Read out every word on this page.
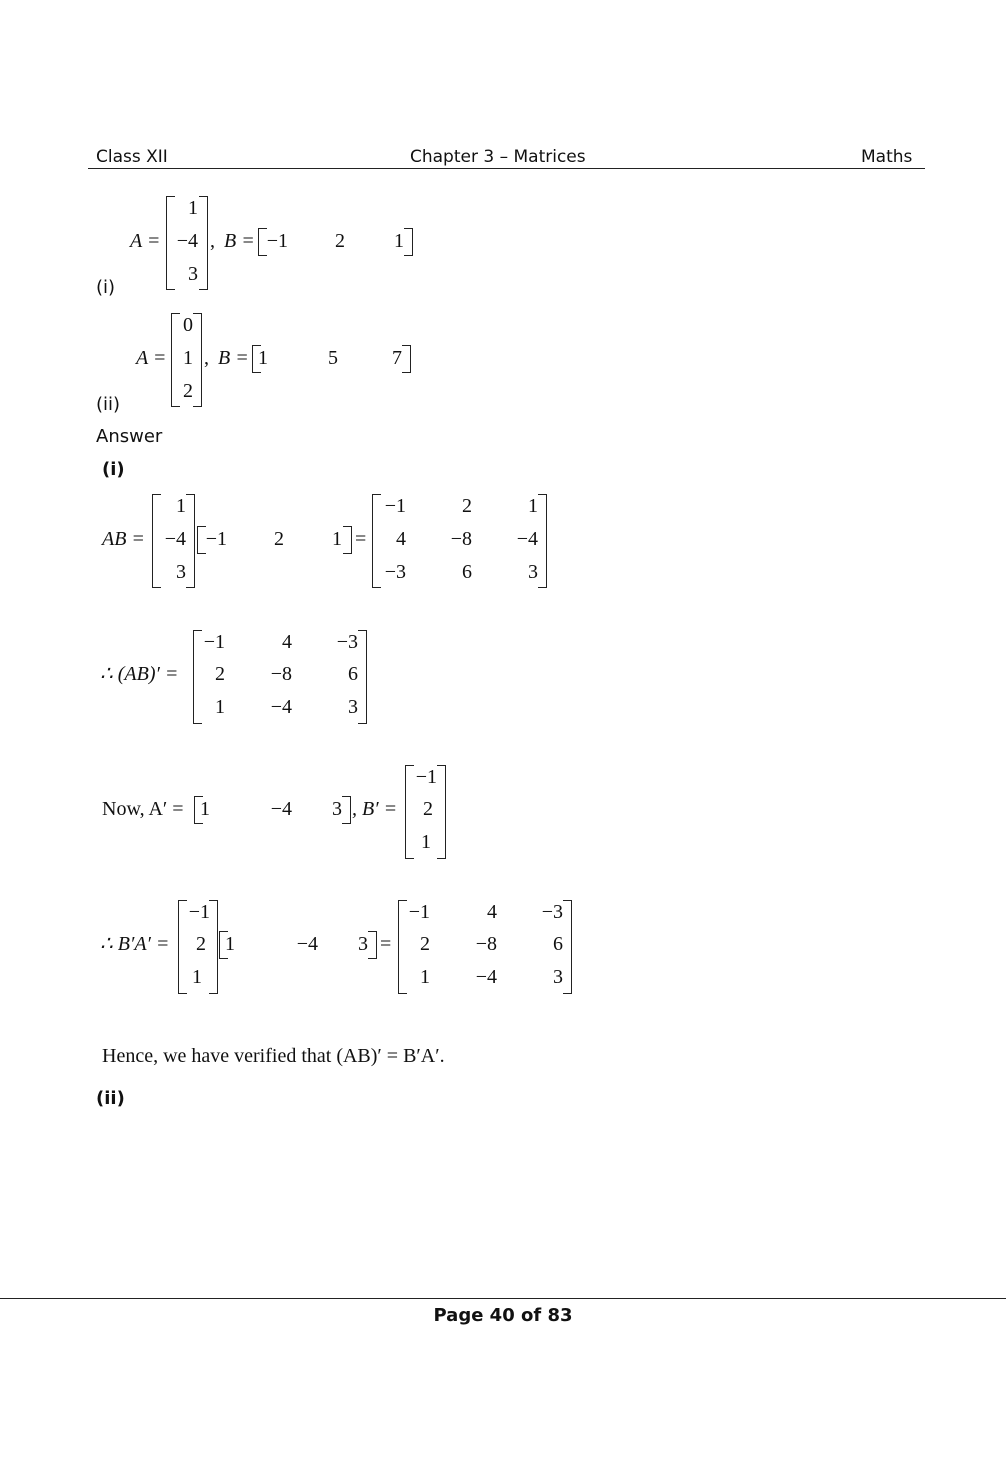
Class XII	Chapter 3 – Matrices	Maths
A =
1
−4
3
, B = −1	2 1
(i)
A =
0
1
2
, B = 1	5	7
(ii)
Answer
(i)
AB =
1
−4
3
−1	2	1 =
−1	2	1
4	−8	−4
−3	6	3
∴ (AB)′ =
−1	4	−3
2	−8	6
1	−4	3
Now, A′ = 1	−4 3 , B′ =
−1
2
1
∴ B′A′ =
−1
2
1
1	−4 3 =
−1	4	−3
2	−8	6
1	−4	3
Hence, we have verified that (AB)′ = B′A′.
(ii)
Page 40 of 83
